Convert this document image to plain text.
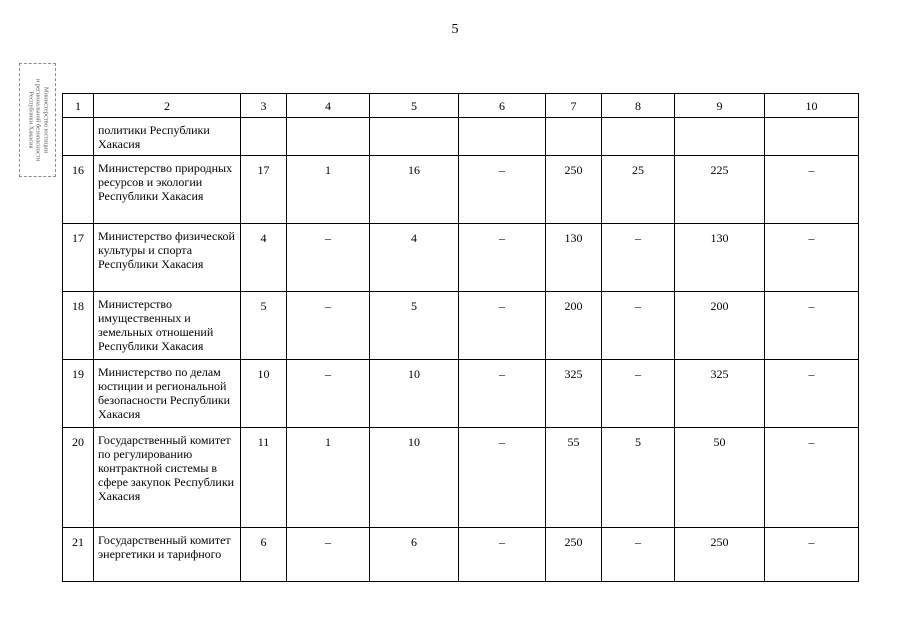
5
Министерство юстиции
и региональной безопасности
Республики Хакасия	1	2	3	4	5	6	7	8	9	10
	политики Республики Хакасия								
16	Министерство природных ресурсов и экологии Республики Хакасия	17	1	16	–	250	25	225	–
17	Министерство физической культуры и спорта Республики Хакасия	4	–	4	–	130	–	130	–
18	Министерство имущественных и земельных отношений Республики Хакасия	5	–	5	–	200	–	200	–
19	Министерство по делам юстиции и региональной безопасности Республики Хакасия	10	–	10	–	325	–	325	–
20	Государственный комитет по регулированию контрактной системы в сфере закупок Республики Хакасия	11	1	10	–	55	5	50	–
21	Государственный комитет энергетики и тарифного	6	–	6	–	250	–	250	–
